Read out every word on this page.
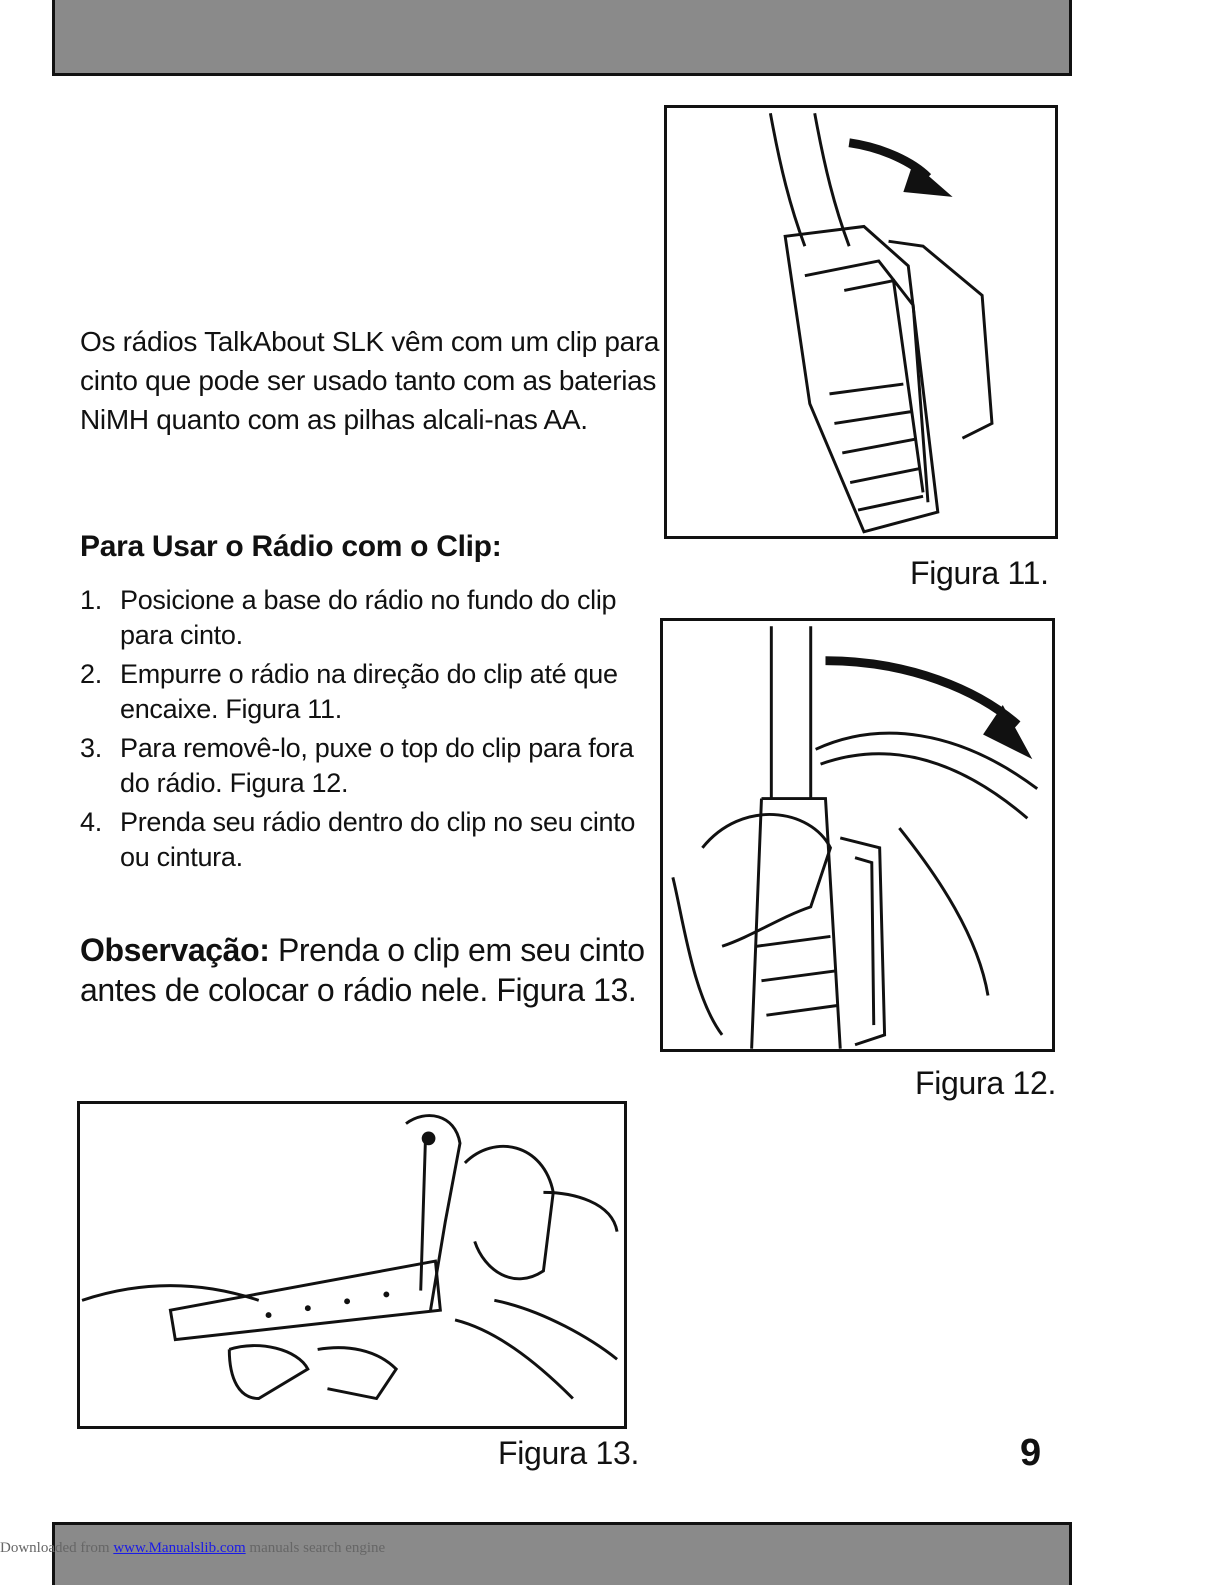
Os rádios TalkAbout SLK vêm com um clip para cinto que pode ser usado tanto com as baterias NiMH quanto com as pilhas alcali-nas AA.

Para Usar o Rádio com o Clip:
1. Posicione a base do rádio no fundo do clip para cinto.
2. Empurre o rádio na direção do clip até que encaixe. Figura 11.
3. Para removê-lo, puxe o top do clip para fora do rádio. Figura 12.
4. Prenda seu rádio dentro do clip no seu cinto ou cintura.

Observação: Prenda o clip em seu cinto antes de colocar o rádio nele. Figura 13.

Figura 11.
Figura 12.
Figura 13.	9
Downloaded from www.Manualslib.com manuals search engine
